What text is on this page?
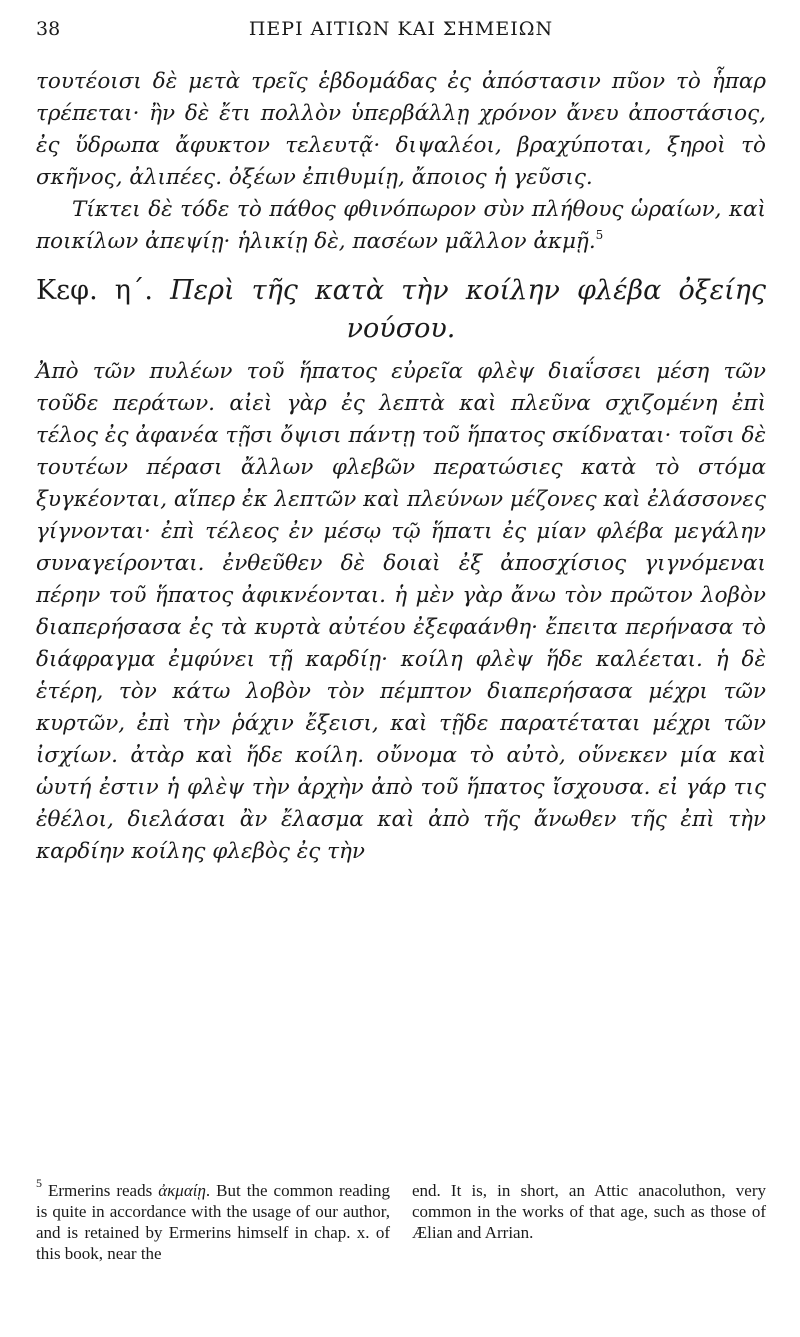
38	ΠΕΡΙ ΑΙΤΙΩΝ ΚΑΙ ΣΗΜΕΙΩΝ

τουτέοισι δὲ μετὰ τρεῖς ἑβδομάδας ἐς ἀπόστασιν πῦον τὸ ἧπαρ τρέπεται· ἢν δὲ ἔτι πολλὸν ὑπερβάλλῃ χρόνον ἄνευ ἀποστάσιος, ἐς ὕδρωπα ἄφυκτον τελευτᾷ· διψαλέοι, βραχύποται, ξηροὶ τὸ σκῆνος, ἀλιπέες. ὀξέων ἐπιθυμίῃ, ἄποιος ἡ γεῦσις.

Τίκτει δὲ τόδε τὸ πάθος φθινόπωρον σὺν πλήθους ὡραίων, καὶ ποικίλων ἀπεψίῃ· ἡλικίῃ δὲ, πασέων μᾶλλον ἀκμῇ.$^5$

Κεφ. η΄. Περὶ τῆς κατὰ τὴν κοίλην φλέβα ὀξείης
νούσου.

Ἀπὸ τῶν πυλέων τοῦ ἥπατος εὐρεῖα φλὲψ διαΐσσει μέση τῶν τοῦδε περάτων. αἰεὶ γὰρ ἐς λεπτὰ καὶ πλεῦνα σχιζομένη ἐπὶ τέλος ἐς ἀφανέα τῇσι ὄψισι πάντῃ τοῦ ἥπατος σκίδναται· τοῖσι δὲ τουτέων πέρασι ἄλλων φλεβῶν περατώσιες κατὰ τὸ στόμα ξυγκέονται, αἵπερ ἐκ λεπτῶν καὶ πλεύνων μέζονες καὶ ἐλάσσονες γίγνονται· ἐπὶ τέλεος ἐν μέσῳ τῷ ἥπατι ἐς μίαν φλέβα μεγάλην συναγείρονται. ἐνθεῦθεν δὲ δοιαὶ ἐξ ἀποσχίσιος γιγνόμεναι πέρην τοῦ ἥπατος ἀφικνέονται. ἡ μὲν γὰρ ἄνω τὸν πρῶτον λοβὸν διαπερήσασα ἐς τὰ κυρτὰ αὐτέου ἐξεφαάνθη· ἔπειτα περήνασα τὸ διάφραγμα ἐμφύνει τῇ καρδίῃ· κοίλη φλὲψ ἥδε καλέεται. ἡ δὲ ἑτέρη, τὸν κάτω λοβὸν τὸν πέμπτον διαπερήσασα μέχρι τῶν κυρτῶν, ἐπὶ τὴν ῥάχιν ἔξεισι, καὶ τῇδε παρατέταται μέχρι τῶν ἰσχίων. ἀτὰρ καὶ ἥδε κοίλη. οὔνομα τὸ αὐτὸ, οὕνεκεν μία καὶ ὡυτή ἐστιν ἡ φλὲψ τὴν ἀρχὴν ἀπὸ τοῦ ἥπατος ἴσχουσα. εἰ γάρ τις ἐθέλοι, διελάσαι ἂν ἔλασμα καὶ ἀπὸ τῆς ἄνωθεν τῆς ἐπὶ τὴν καρδίην κοίλης φλεβὸς ἐς τὴν

$^5$ Ermerins reads ἀκμαίῃ. But the common reading is quite in accordance with the usage of our author, and is retained by Ermerins himself in chap. x. of this book, near the
end. It is, in short, an Attic anacoluthon, very common in the works of that age, such as those of Ælian and Arrian.
